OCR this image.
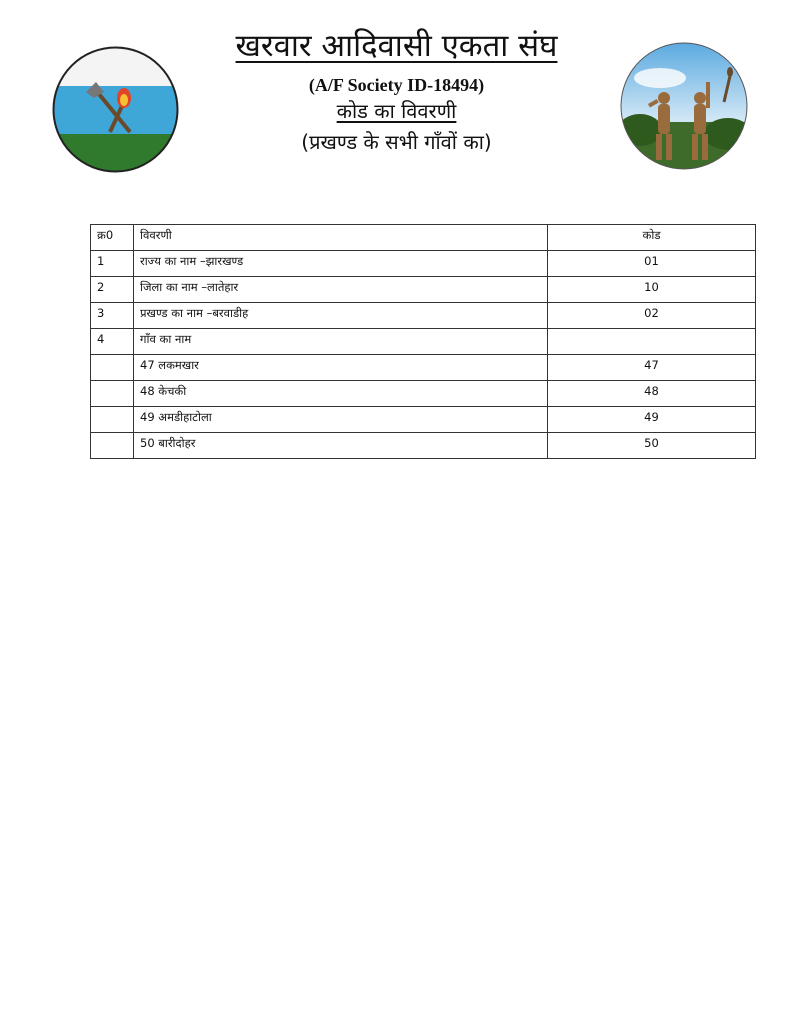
खरवार आदिवासी एकता संघ
(A/F Society ID-18494)
कोड का विवरणी
(प्रखण्ड के सभी गाँवों का)
क्र0	विवरणी	कोड
1	राज्य का नाम –झारखण्ड	01
2	जिला का नाम –लातेहार	10
3	प्रखण्ड का नाम –बरवाडीह	02
4	गाँव का नाम	
	47 लकमखार	47
	48 केचकी	48
	49 अमडीहाटोला	49
	50 बारीदोहर	50
